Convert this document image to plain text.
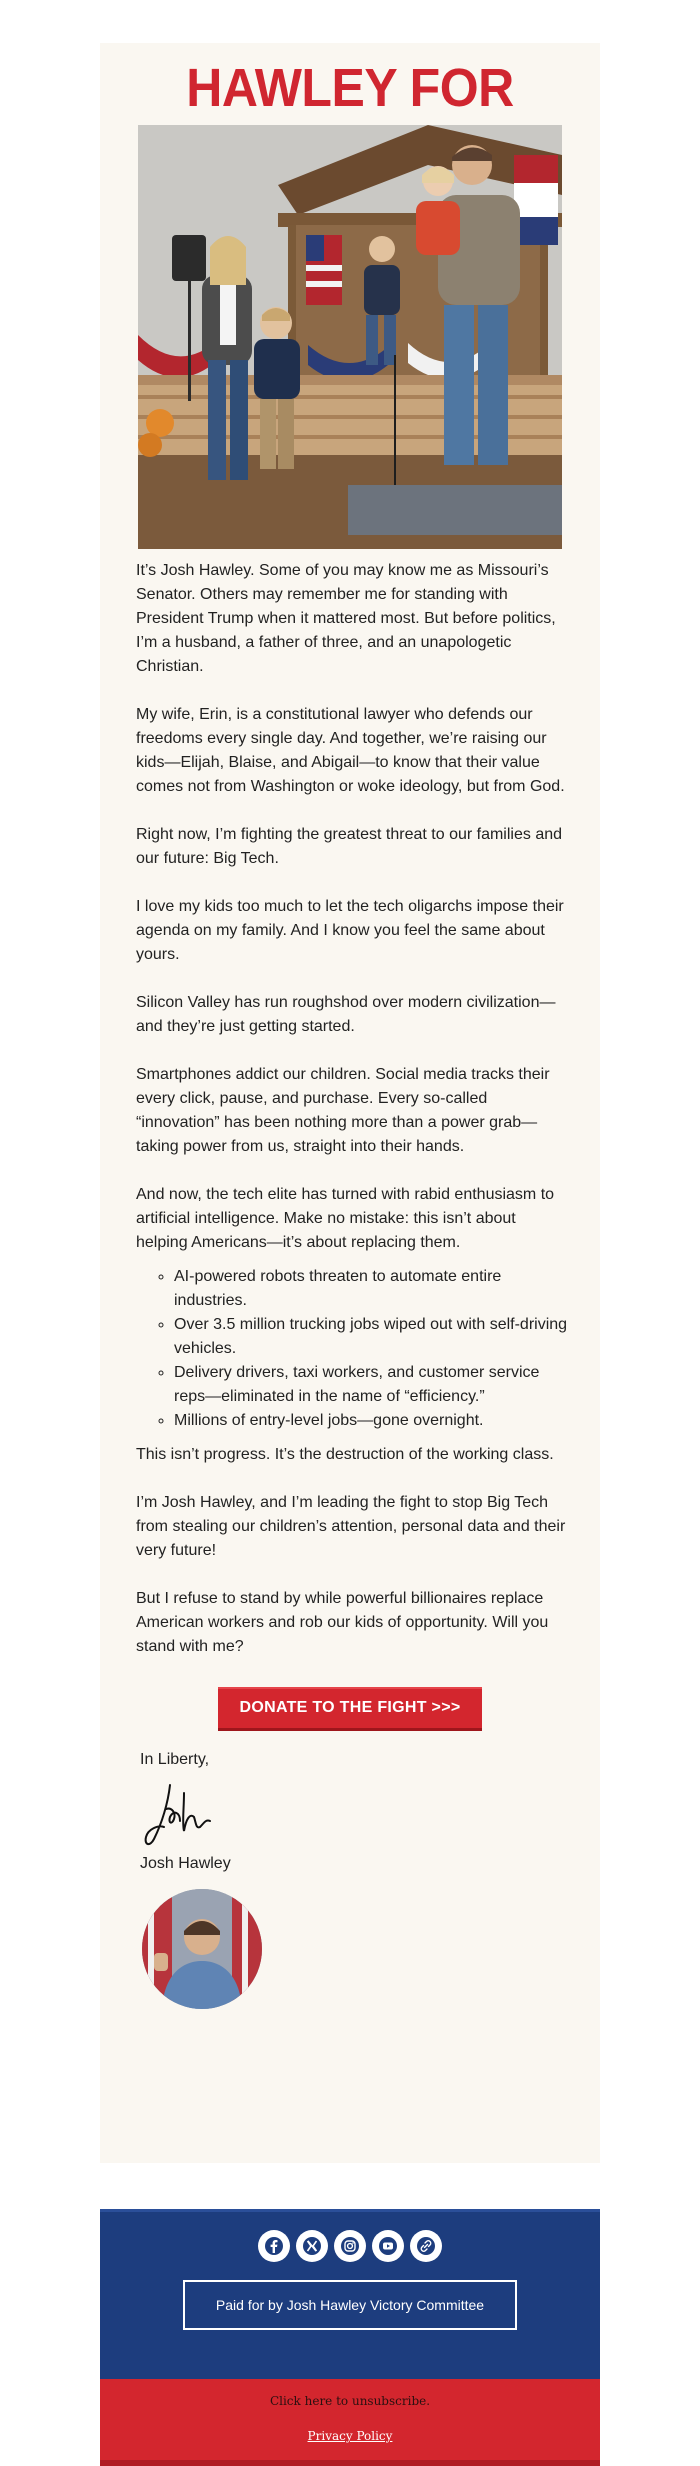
HAWLEY FOR

It’s Josh Hawley. Some of you may know me as Missouri’s Senator. Others may remember me for standing with President Trump when it mattered most. But before politics, I’m a husband, a father of three, and an unapologetic Christian.

My wife, Erin, is a constitutional lawyer who defends our freedoms every single day. And together, we’re raising our kids—Elijah, Blaise, and Abigail—to know that their value comes not from Washington or woke ideology, but from God.

Right now, I’m fighting the greatest threat to our families and our future: Big Tech.

I love my kids too much to let the tech oligarchs impose their agenda on my family. And I know you feel the same about yours.

Silicon Valley has run roughshod over modern civilization—and they’re just getting started.

Smartphones addict our children. Social media tracks their every click, pause, and purchase. Every so-called “innovation” has been nothing more than a power grab—taking power from us, straight into their hands.

And now, the tech elite has turned with rabid enthusiasm to artificial intelligence. Make no mistake: this isn’t about helping Americans—it’s about replacing them.

◦ AI-powered robots threaten to automate entire industries.
◦ Over 3.5 million trucking jobs wiped out with self-driving vehicles.
◦ Delivery drivers, taxi workers, and customer service reps—eliminated in the name of “efficiency.”
◦ Millions of entry-level jobs—gone overnight.

This isn’t progress. It’s the destruction of the working class.

I’m Josh Hawley, and I’m leading the fight to stop Big Tech from stealing our children’s attention, personal data and their very future!

But I refuse to stand by while powerful billionaires replace American workers and rob our kids of opportunity. Will you stand with me?

DONATE TO THE FIGHT >>>
In Liberty,
Josh Hawley
Paid for by Josh Hawley Victory Committee
Click here to unsubscribe.
Privacy Policy
